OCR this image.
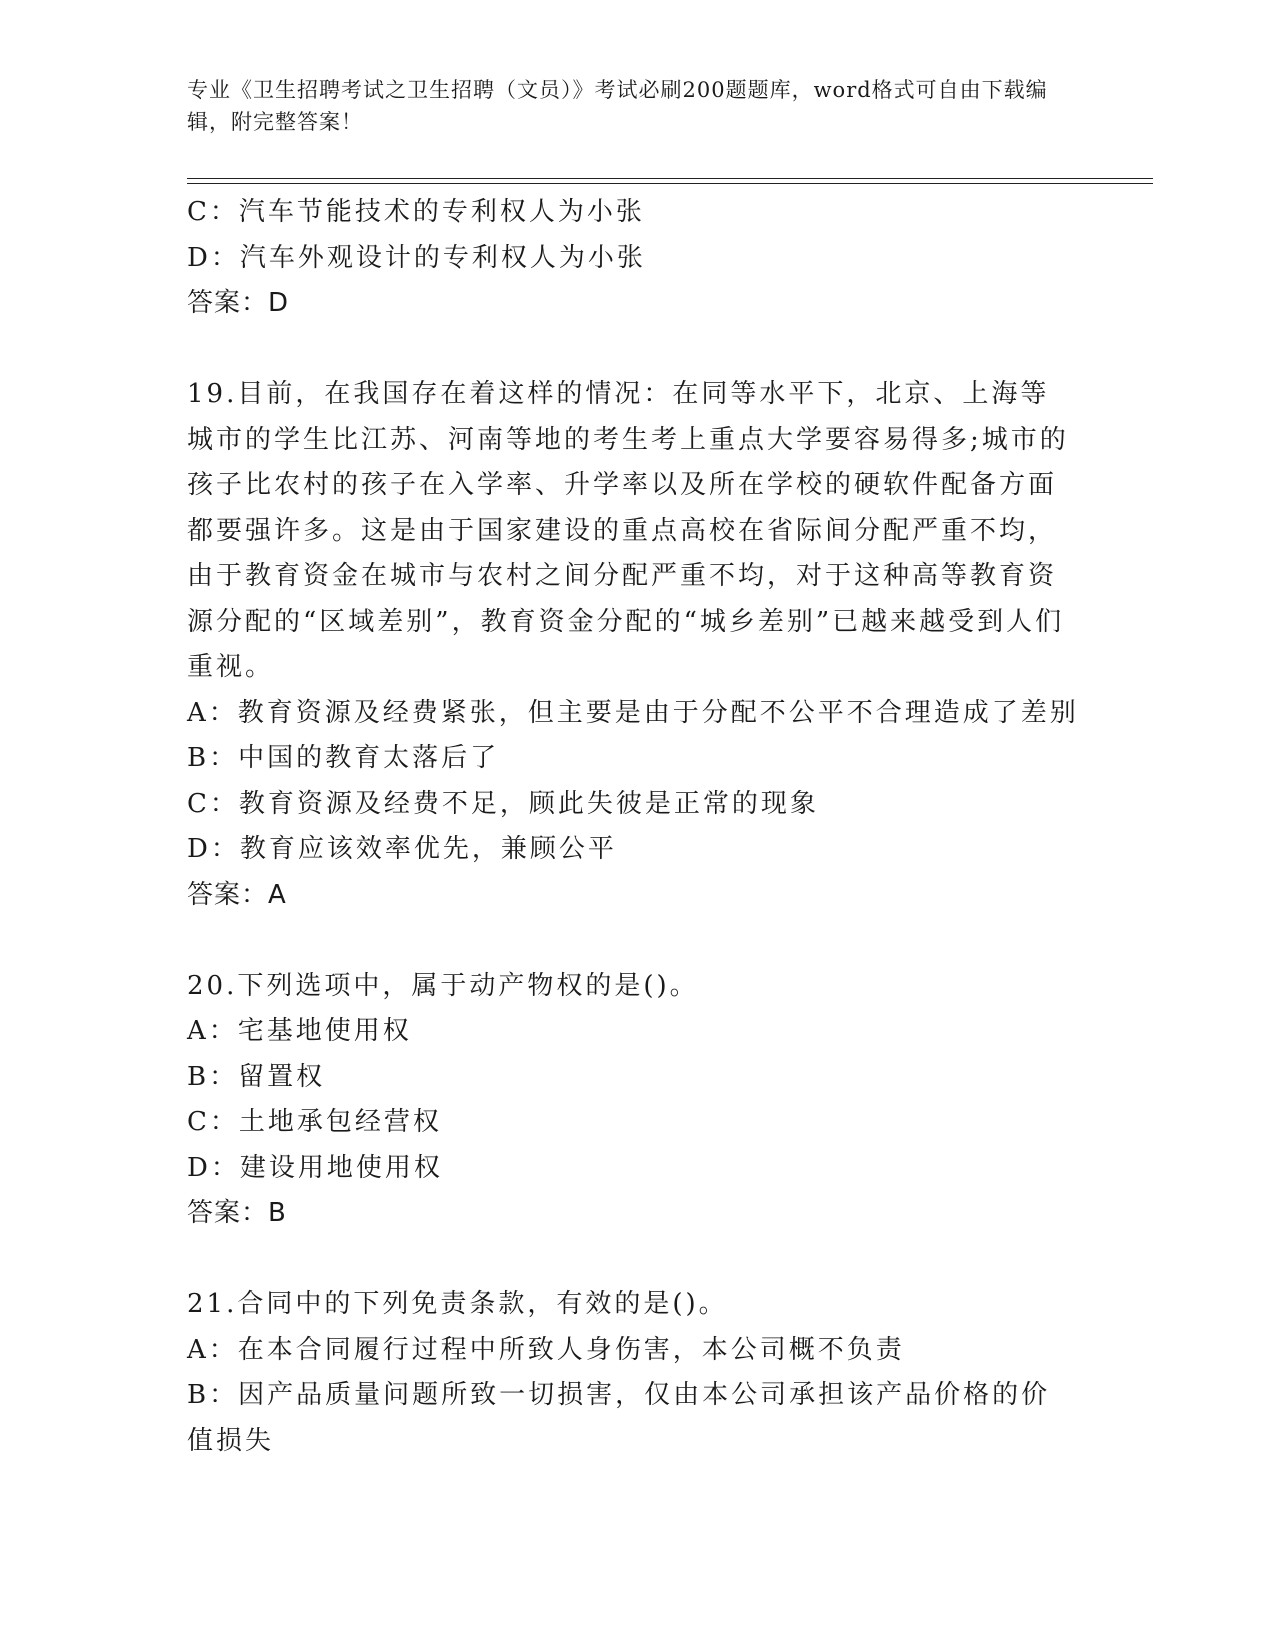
专业《卫生招聘考试之卫生招聘（文员）》考试必刷200题题库，word格式可自由下载编辑，附完整答案！
C：汽车节能技术的专利权人为小张
D：汽车外观设计的专利权人为小张
答案：D
19.目前，在我国存在着这样的情况：在同等水平下，北京、上海等城市的学生比江苏、河南等地的考生考上重点大学要容易得多;城市的孩子比农村的孩子在入学率、升学率以及所在学校的硬软件配备方面都要强许多。这是由于国家建设的重点高校在省际间分配严重不均，由于教育资金在城市与农村之间分配严重不均，对于这种高等教育资源分配的“区域差别”，教育资金分配的“城乡差别”已越来越受到人们重视。
A：教育资源及经费紧张，但主要是由于分配不公平不合理造成了差别
B：中国的教育太落后了
C：教育资源及经费不足，顾此失彼是正常的现象
D：教育应该效率优先，兼顾公平
答案：A
20.下列选项中，属于动产物权的是()。
A：宅基地使用权
B：留置权
C：土地承包经营权
D：建设用地使用权
答案：B
21.合同中的下列免责条款，有效的是()。
A：在本合同履行过程中所致人身伤害，本公司概不负责
B：因产品质量问题所致一切损害，仅由本公司承担该产品价格的价值损失
